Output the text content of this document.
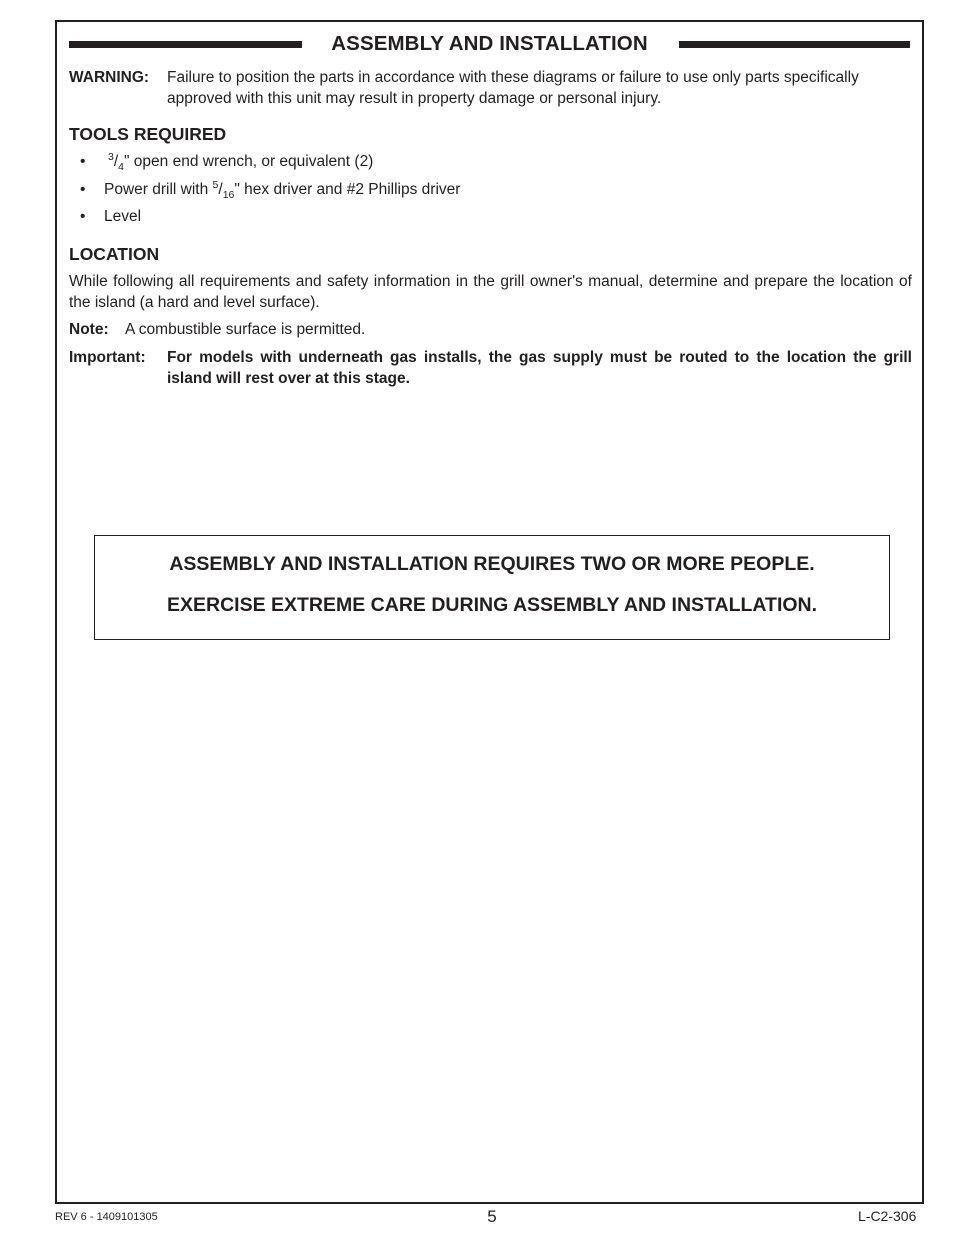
ASSEMBLY AND INSTALLATION
WARNING:	Failure to position the parts in accordance with these diagrams or failure to use only parts specifically approved with this unit may result in property damage or personal injury.
TOOLS REQUIRED
• $^3/_4$" open end wrench, or equivalent (2)
• Power drill with $^5/_{16}$" hex driver and #2 Phillips driver
• Level
LOCATION
While following all requirements and safety information in the grill owner's manual, determine and prepare the location of the island (a hard and level surface).
Note:	A combustible surface is permitted.
Important:	For models with underneath gas installs, the gas supply must be routed to the location the grill island will rest over at this stage.
ASSEMBLY AND INSTALLATION REQUIRES TWO OR MORE PEOPLE.
EXERCISE EXTREME CARE DURING ASSEMBLY AND INSTALLATION.
REV 6 - 1409101305	5	L-C2-306
